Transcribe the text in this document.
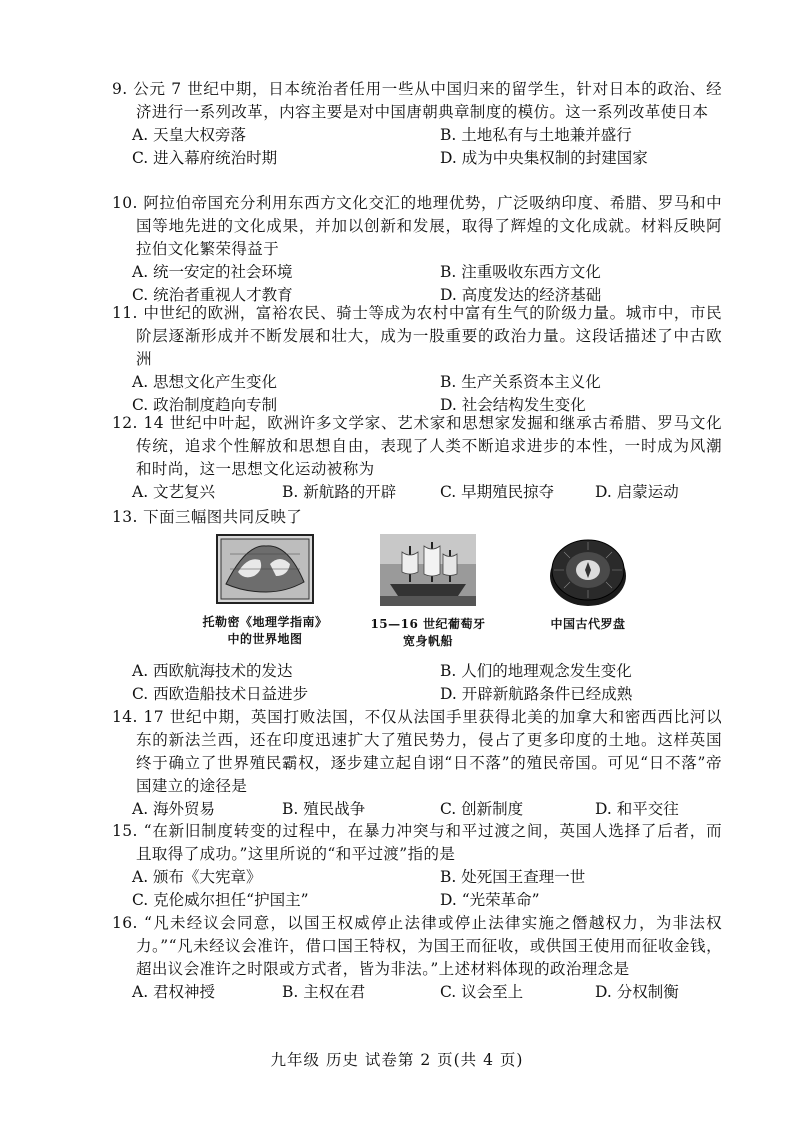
9. 公元 7 世纪中期，日本统治者任用一些从中国归来的留学生，针对日本的政治、经济进行一系列改革，内容主要是对中国唐朝典章制度的模仿。这一系列改革使日本
A. 天皇大权旁落	B. 土地私有与土地兼并盛行
C. 进入幕府统治时期	D. 成为中央集权制的封建国家
10. 阿拉伯帝国充分利用东西方文化交汇的地理优势，广泛吸纳印度、希腊、罗马和中国等地先进的文化成果，并加以创新和发展，取得了辉煌的文化成就。材料反映阿拉伯文化繁荣得益于
A. 统一安定的社会环境	B. 注重吸收东西方文化
C. 统治者重视人才教育	D. 高度发达的经济基础
11. 中世纪的欧洲，富裕农民、骑士等成为农村中富有生气的阶级力量。城市中，市民阶层逐渐形成并不断发展和壮大，成为一股重要的政治力量。这段话描述了中古欧洲
A. 思想文化产生变化	B. 生产关系资本主义化
C. 政治制度趋向专制	D. 社会结构发生变化
12. 14 世纪中叶起，欧洲许多文学家、艺术家和思想家发掘和继承古希腊、罗马文化传统，追求个性解放和思想自由，表现了人类不断追求进步的本性，一时成为风潮和时尚，这一思想文化运动被称为
A. 文艺复兴	B. 新航路的开辟	C. 早期殖民掠夺	D. 启蒙运动
13. 下面三幅图共同反映了
托勒密《地理学指南》
中的世界地图
15—16 世纪葡萄牙
宽身帆船
中国古代罗盘
A. 西欧航海技术的发达	B. 人们的地理观念发生变化
C. 西欧造船技术日益进步	D. 开辟新航路条件已经成熟
14. 17 世纪中期，英国打败法国，不仅从法国手里获得北美的加拿大和密西西比河以东的新法兰西，还在印度迅速扩大了殖民势力，侵占了更多印度的土地。这样英国终于确立了世界殖民霸权，逐步建立起自诩“日不落”的殖民帝国。可见“日不落”帝国建立的途径是
A. 海外贸易	B. 殖民战争	C. 创新制度	D. 和平交往
15. “在新旧制度转变的过程中，在暴力冲突与和平过渡之间，英国人选择了后者，而且取得了成功。”这里所说的“和平过渡”指的是
A. 颁布《大宪章》	B. 处死国王查理一世
C. 克伦威尔担任“护国主”	D. “光荣革命”
16. “凡未经议会同意，以国王权威停止法律或停止法律实施之僭越权力，为非法权力。”“凡未经议会准许，借口国王特权，为国王而征收，或供国王使用而征收金钱，超出议会准许之时限或方式者，皆为非法。”上述材料体现的政治理念是
A. 君权神授	B. 主权在君	C. 议会至上	D. 分权制衡
九年级 历史 试卷第 2 页(共 4 页)
